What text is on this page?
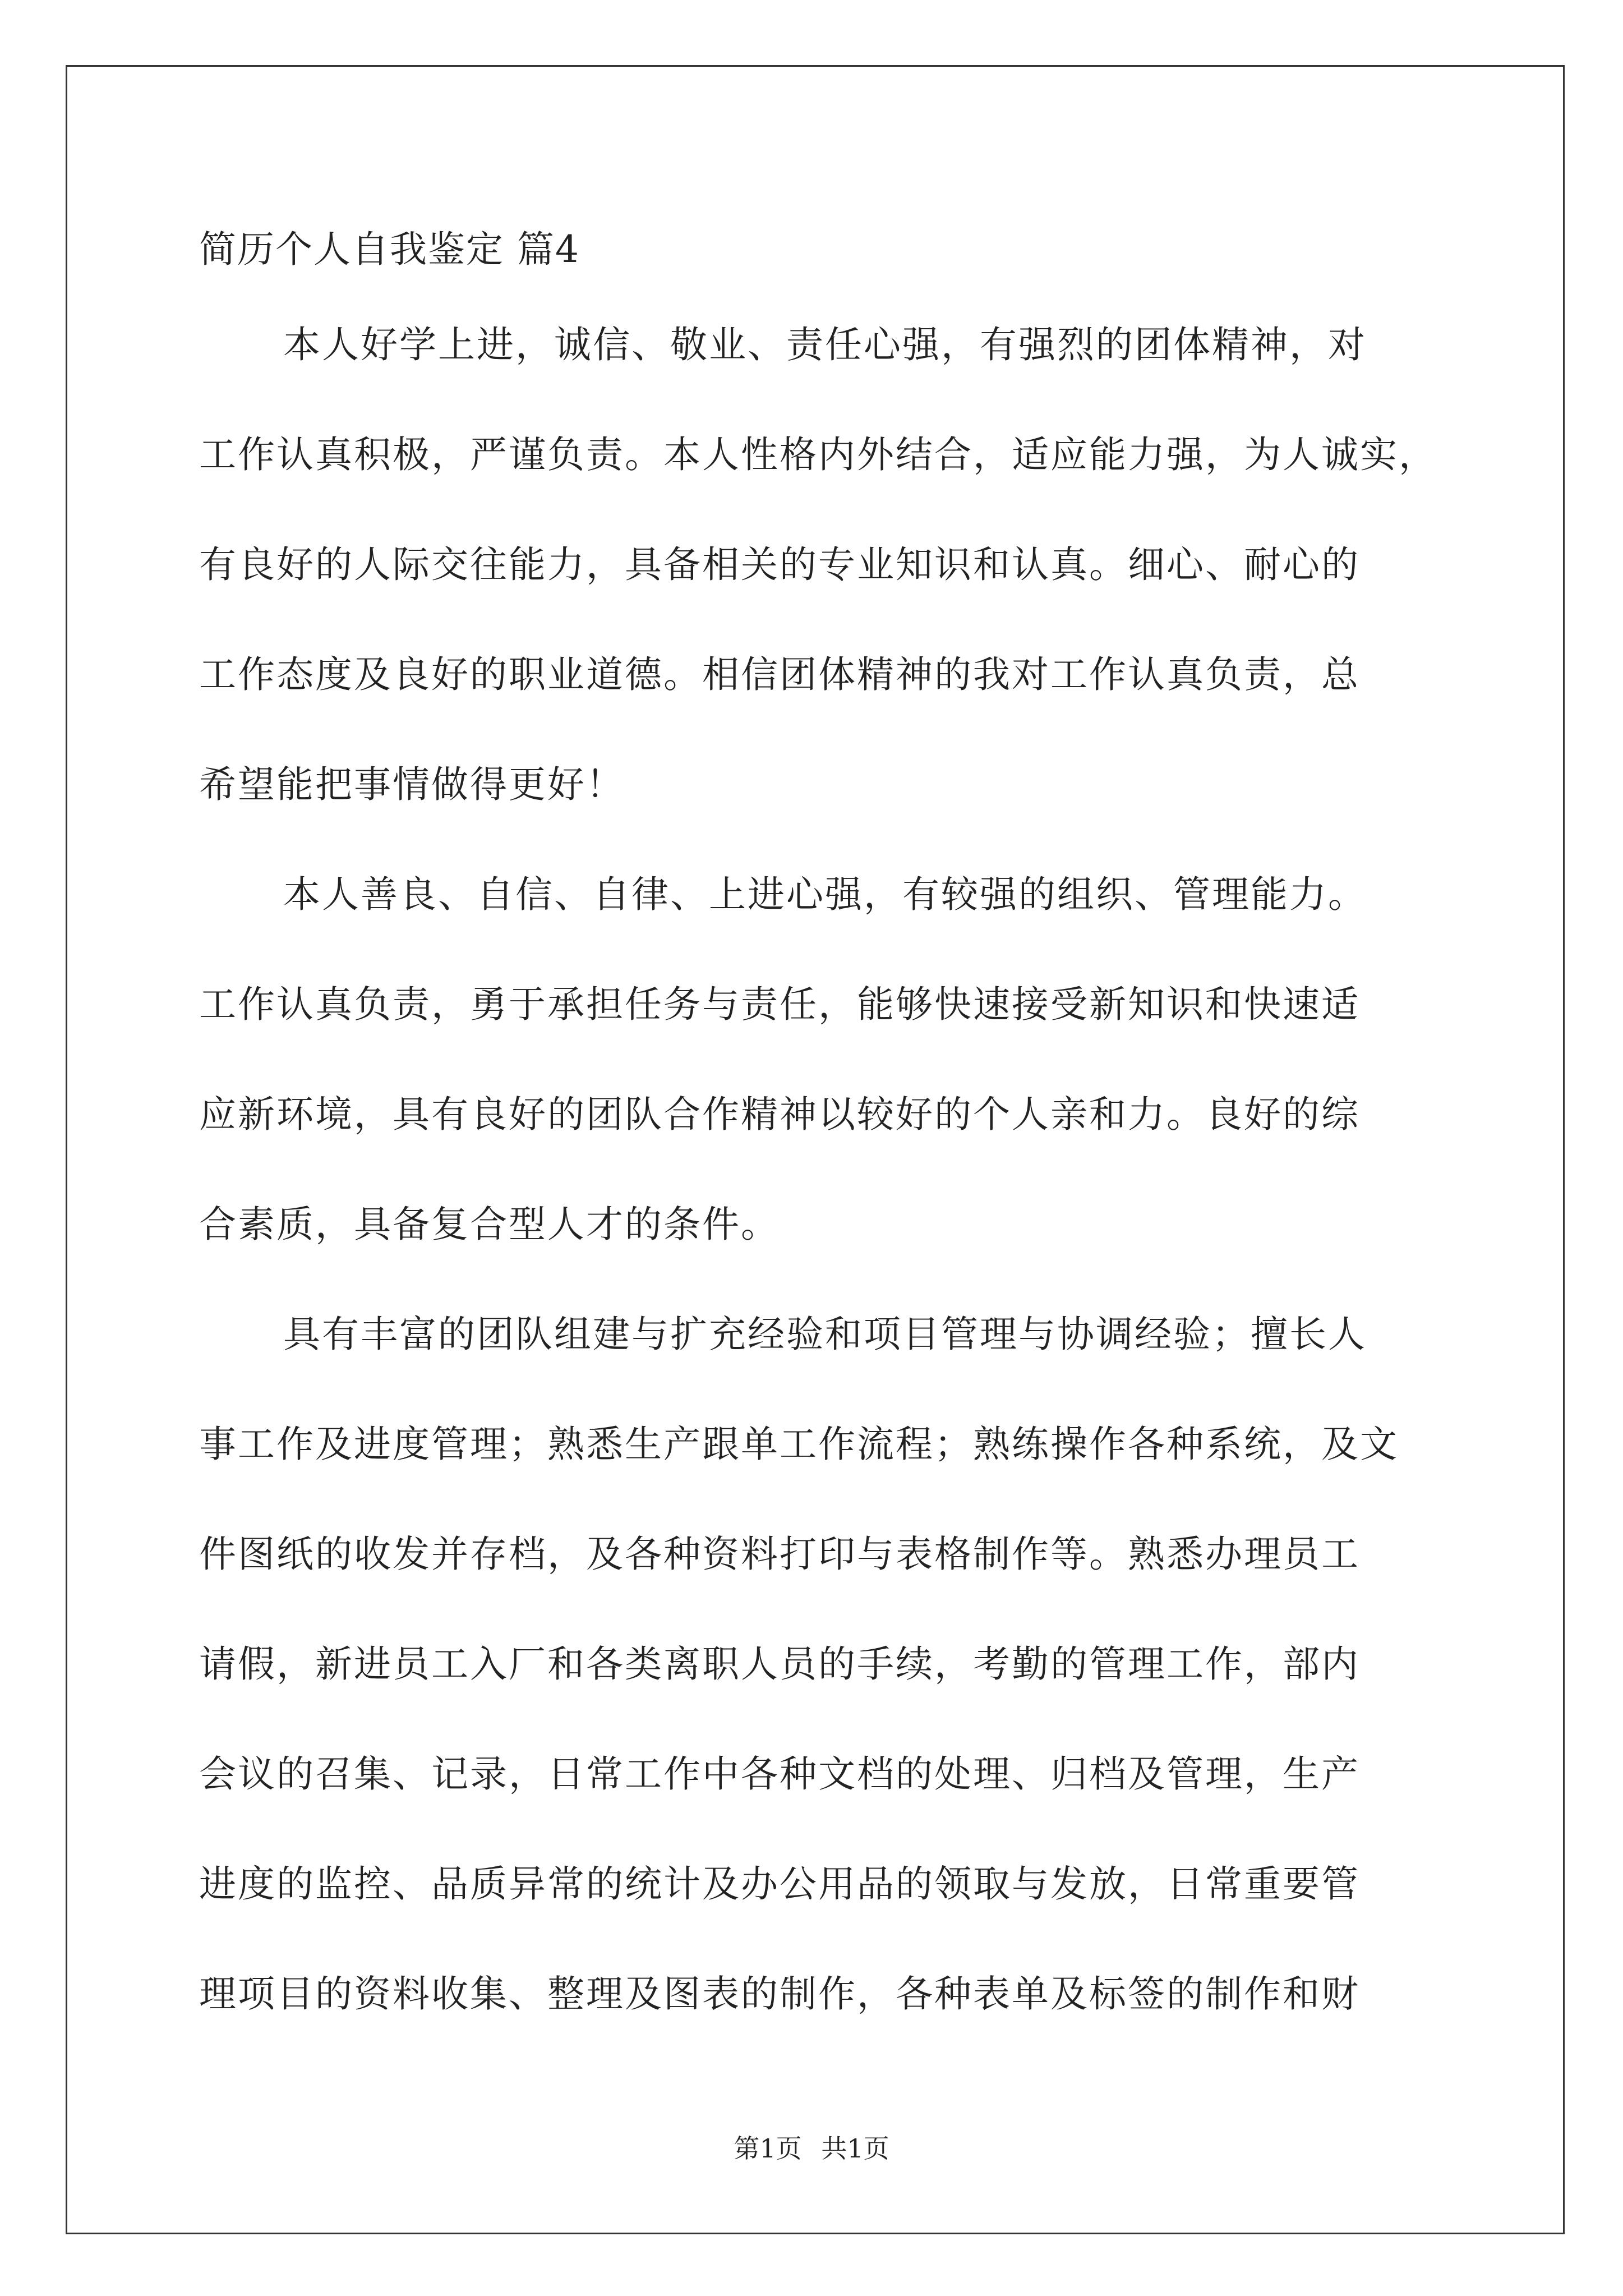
简历个人自我鉴定 篇4
本人好学上进，诚信、敬业、责任心强，有强烈的团体精神，对
工作认真积极，严谨负责。本人性格内外结合，适应能力强，为人诚实，
有良好的人际交往能力，具备相关的专业知识和认真。细心、耐心的
工作态度及良好的职业道德。相信团体精神的我对工作认真负责，总
希望能把事情做得更好！
本人善良、自信、自律、上进心强，有较强的组织、管理能力。
工作认真负责，勇于承担任务与责任，能够快速接受新知识和快速适
应新环境，具有良好的团队合作精神以较好的个人亲和力。良好的综
合素质，具备复合型人才的条件。
具有丰富的团队组建与扩充经验和项目管理与协调经验；擅长人
事工作及进度管理；熟悉生产跟单工作流程；熟练操作各种系统，及文
件图纸的收发并存档，及各种资料打印与表格制作等。熟悉办理员工
请假，新进员工入厂和各类离职人员的手续，考勤的管理工作，部内
会议的召集、记录，日常工作中各种文档的处理、归档及管理，生产
进度的监控、品质异常的统计及办公用品的领取与发放，日常重要管
理项目的资料收集、整理及图表的制作，各种表单及标签的制作和财
第1页 共1页
